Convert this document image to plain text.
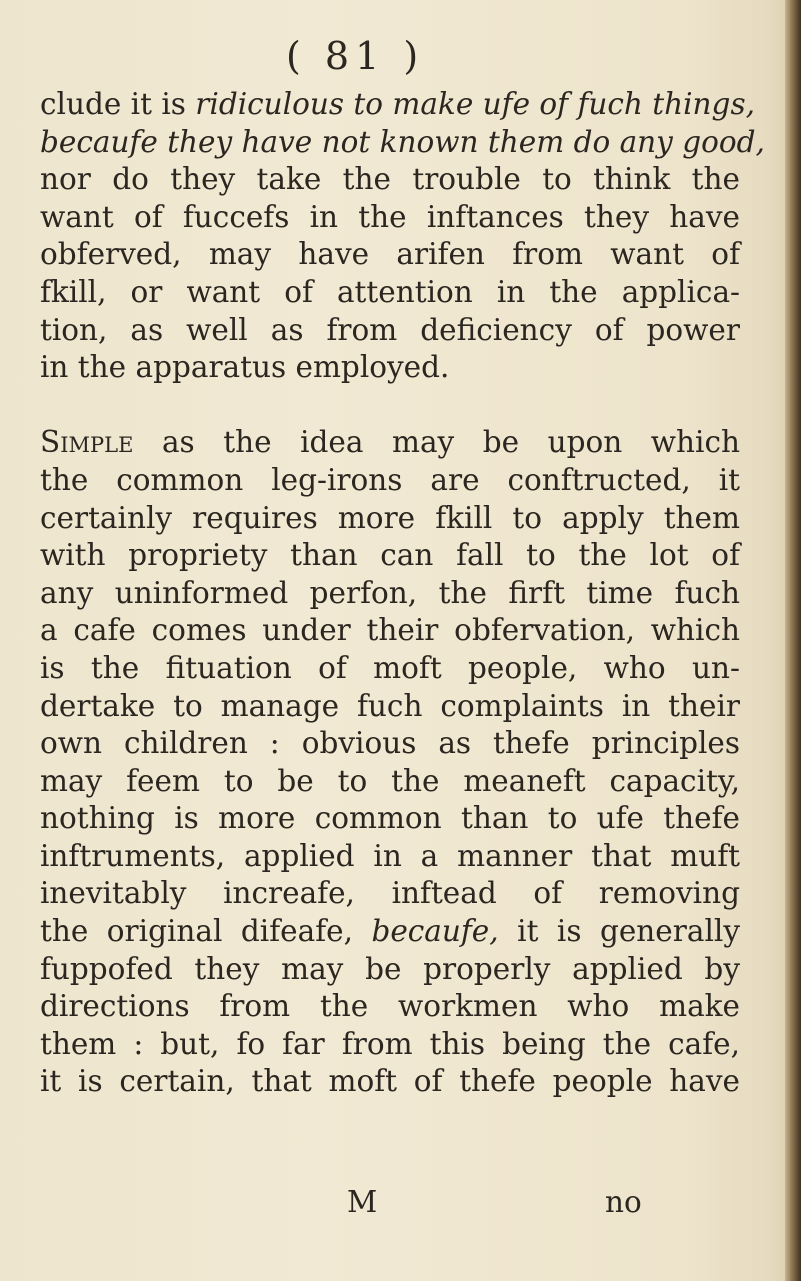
( 81 )
clude it is ridiculous to make ufe of fuch things,
becaufe they have not known them do any good,
nor do they take the trouble to think the
want of fuccefs in the inftances they have
obferved, may have arifen from want of
fkill, or want of attention in the applica-
tion, as well as from deficiency of power
in the apparatus employed.
Simple as the idea may be upon which
the common leg-irons are conftructed, it
certainly requires more fkill to apply them
with propriety than can fall to the lot of
any uninformed perfon, the firft time fuch
a cafe comes under their obfervation, which
is the fituation of moft people, who un-
dertake to manage fuch complaints in their
own children : obvious as thefe principles
may feem to be to the meaneft capacity,
nothing is more common than to ufe thefe
inftruments, applied in a manner that muft
inevitably increafe, inftead of removing
the original difeafe, becaufe, it is generally
fuppofed they may be properly applied by
directions from the workmen who make
them : but, fo far from this being the cafe,
it is certain, that moft of thefe people have
M	no
